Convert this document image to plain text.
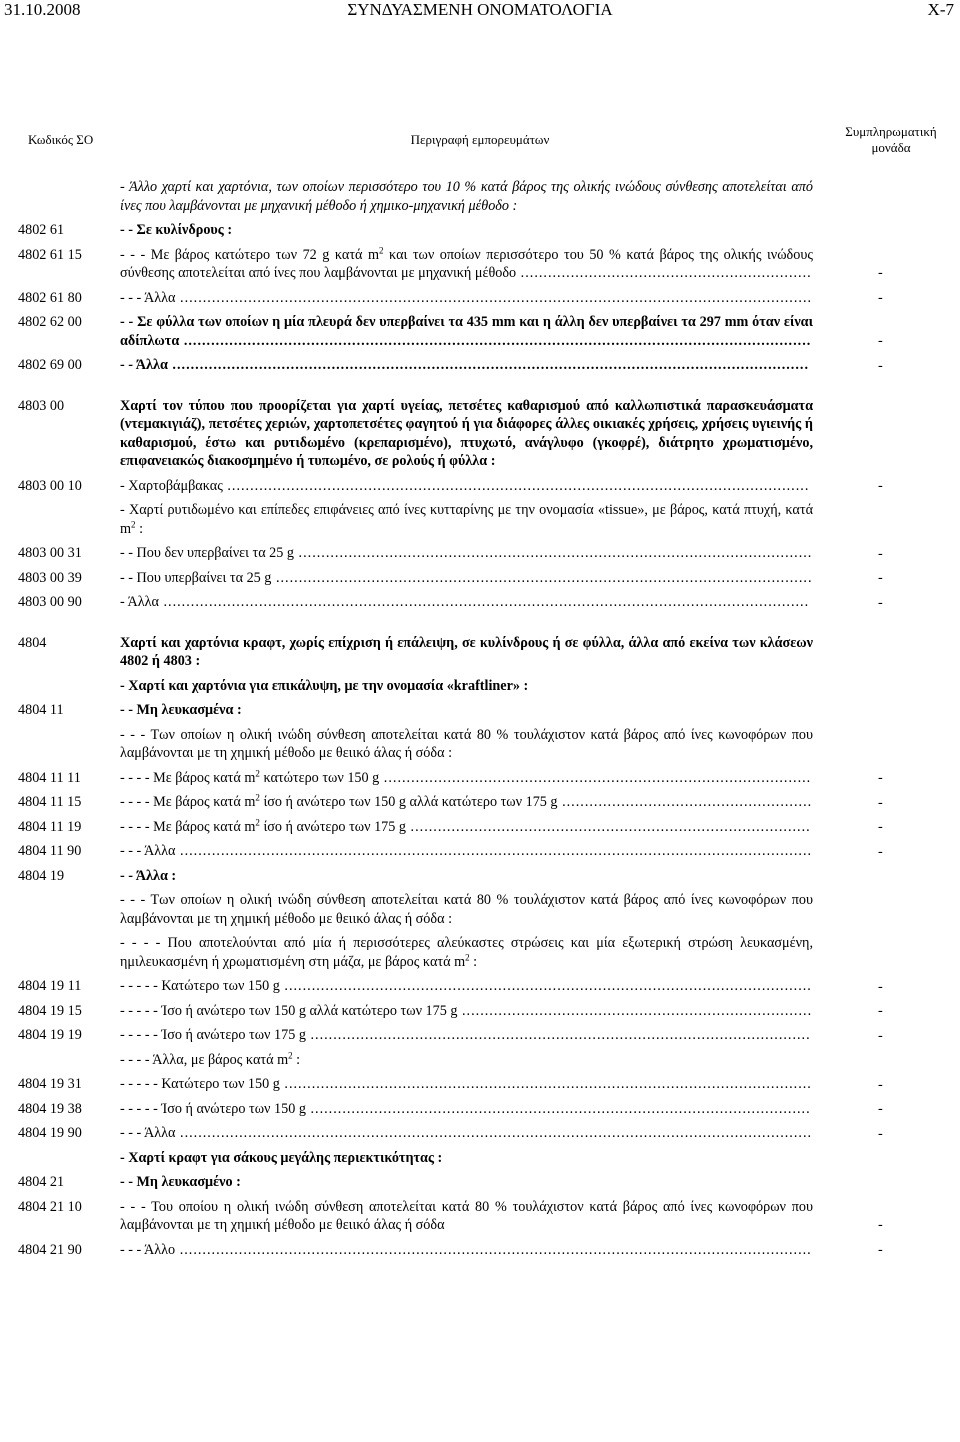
31.10.2008	ΣΥΝΔΥΑΣΜΕΝΗ ΟΝΟΜΑΤΟΛΟΓΙΑ	X-7
Κωδικός ΣΟ	Περιγραφή εμπορευμάτων
Συμπληρωματική μονάδα
- Άλλο χαρτί και χαρτόνια, των οποίων περισσότερο του 10 % κατά βάρος της ολικής ινώδους σύνθεσης αποτελείται από ίνες που λαμβάνονται με μηχανική μέθοδο ή χημικο-μηχανική μέθοδο :
4802 61	- - Σε κυλίνδρους :
4802 61 15	- - - Με βάρος κατώτερο των 72 g κατά $m^2$ και των οποίων περισσότερο του 50 % κατά βάρος της ολικής ινώδους σύνθεσης αποτελείται από ίνες που λαμβάνονται με μηχανική μέθοδο ................................................................	-
4802 61 80	- - - Άλλα ...........................................................................................................................................	-
4802 62 00	- - Σε φύλλα των οποίων η μία πλευρά δεν υπερβαίνει τα 435 mm και η άλλη δεν υπερβαίνει τα 297 mm όταν είναι αδίπλωτα ..........................................................................................................................................	-
4802 69 00	- - Άλλα ............................................................................................................................................	-
4803 00	Χαρτί τον τύπου που προορίζεται για χαρτί υγείας, πετσέτες καθαρισμού από καλλωπιστικά παρασκευάσματα (ντεμακιγιάζ), πετσέτες χεριών, χαρτοπετσέτες φαγητού ή για διάφορες άλλες οικιακές χρήσεις, χρήσεις υγιεινής ή καθαρισμού, έστω και ρυτιδωμένο (κρεπαρισμένο), πτυχωτό, ανάγλυφο (γκοφρέ), διάτρητο χρωματισμένο, επιφανειακώς διακοσμημένο ή τυπωμένο, σε ρολούς ή φύλλα :
4803 00 10	- Χαρτοβάμβακας ................................................................................................................................	-
- Χαρτί ρυτιδωμένο και επίπεδες επιφάνειες από ίνες κυτταρίνης με την ονομασία «tissue», με βάρος, κατά πτυχή, κατά $m^2$ :
4803 00 31	- - Που δεν υπερβαίνει τα 25 g .................................................................................................................	-
4803 00 39	- - Που υπερβαίνει τα 25 g ......................................................................................................................	-
4803 00 90	- Άλλα ..............................................................................................................................................	-
4804	Χαρτί και χαρτόνια κραφτ, χωρίς επίχριση ή επάλειψη, σε κυλίνδρους ή σε φύλλα, άλλα από εκείνα των κλάσεων 4802 ή 4803 :
- Χαρτί και χαρτόνια για επικάλυψη, με την ονομασία «kraftliner» :
4804 11	- - Μη λευκασμένα :
- - - Των οποίων η ολική ινώδη σύνθεση αποτελείται κατά 80 % τουλάχιστον κατά βάρος από ίνες κωνοφόρων που λαμβάνονται με τη χημική μέθοδο με θειικό άλας ή σόδα :
4804 11 11	- - - - Με βάρος κατά $m^2$ κατώτερο των 150 g ..............................................................................................	-
4804 11 15	- - - - Με βάρος κατά $m^2$ ίσο ή ανώτερο των 150 g αλλά κατώτερο των 175 g .......................................................	-
4804 11 19	- - - - Με βάρος κατά $m^2$ ίσο ή ανώτερο των 175 g ........................................................................................	-
4804 11 90	- - - Άλλα ...........................................................................................................................................	-
4804 19	- - Άλλα :
- - - Των οποίων η ολική ινώδη σύνθεση αποτελείται κατά 80 % τουλάχιστον κατά βάρος από ίνες κωνοφόρων που λαμβάνονται με τη χημική μέθοδο με θειικό άλας ή σόδα :
- - - - Που αποτελούνται από μία ή περισσότερες αλεύκαστες στρώσεις και μία εξωτερική στρώση λευκασμένη, ημιλευκασμένη ή χρωματισμένη στη μάζα, με βάρος κατά $m^2$ :
4804 19 11	- - - - - Κατώτερο των 150 g ....................................................................................................................	-
4804 19 15	- - - - - Ίσο ή ανώτερο των 150 g αλλά κατώτερο των 175 g .............................................................................	-
4804 19 19	- - - - - Ίσο ή ανώτερο των 175 g ..............................................................................................................	-
- - - - Άλλα, με βάρος κατά $m^2$ :
4804 19 31	- - - - - Κατώτερο των 150 g ....................................................................................................................	-
4804 19 38	- - - - - Ίσο ή ανώτερο των 150 g ..............................................................................................................	-
4804 19 90	- - - Άλλα ...........................................................................................................................................	-
- Χαρτί κραφτ για σάκους μεγάλης περιεκτικότητας :
4804 21	- - Μη λευκασμένο :
4804 21 10	- - - Του οποίου η ολική ινώδη σύνθεση αποτελείται κατά 80 % τουλάχιστον κατά βάρος από ίνες κωνοφόρων που λαμβάνονται με τη χημική μέθοδο με θειικό άλας ή σόδα	-
4804 21 90	- - - Άλλο ...........................................................................................................................................	-
